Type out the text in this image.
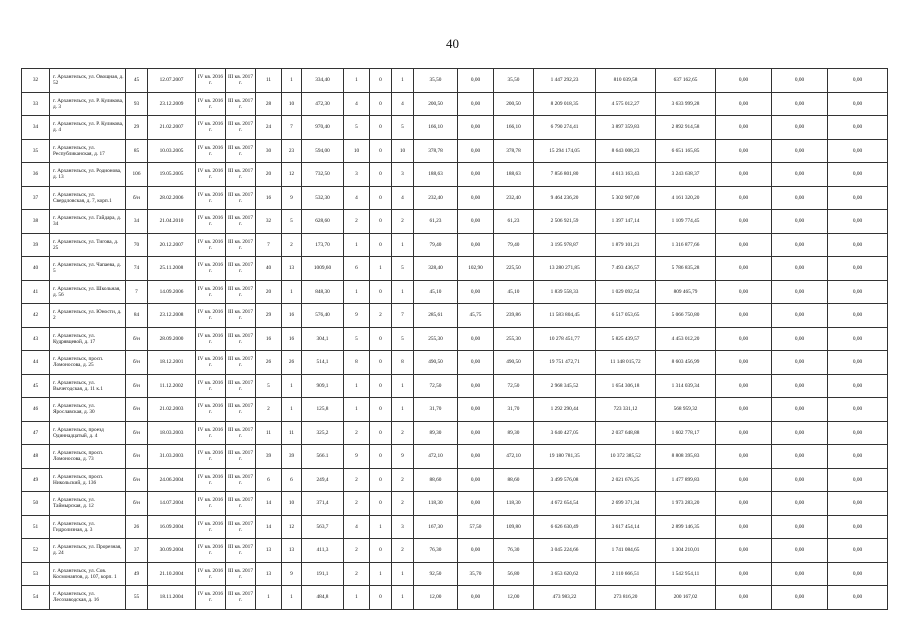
40
32	г. Архангельск, ул. Овощная, д. 52	45	12.07.2007	IV кв. 2016 г.	III кв. 2017 г.	11	1	334,40	1	0	1	35,50	0,00	35,50	1 447 292,23	810 039,58	637 162,65	0,00	0,00	0,00
33	г. Архангельск, ул. Р. Куликова, д. 3	93	23.12.2009	IV кв. 2016 г.	III кв. 2017 г.	28	10	472,30	4	0	4	200,50	0,00	200,50	8 209 018,35	4 575 012,27	3 633 999,28	0,00	0,00	0,00
34	г. Архангельск, ул. Р. Куликова, д. 4	29	21.02.2007	IV кв. 2016 г.	III кв. 2017 г.	24	7	970,40	5	0	5	166,10	0,00	166,10	6 790 274,41	3 897 359,83	2 892 914,58	0,00	0,00	0,00
35	г. Архангельск, ул. Республиканская, д. 17	85	10.03.2005	IV кв. 2016 г.	III кв. 2017 г.	30	23	594,00	10	0	10	378,78	0,00	378,78	15 294 174,05	8 643 008,23	6 651 165,85	0,00	0,00	0,00
36	г. Архангельск, ул. Родионова, д. 13	106	19.05.2005	IV кв. 2016 г.	III кв. 2017 г.	20	12	732,50	3	0	3	188,63	0,00	188,63	7 856 801,80	4 613 163,43	3 243 638,37	0,00	0,00	0,00
37	г. Архангельск, ул. Свердловская, д. 7, корп.1	б/н	28.02.2006	IV кв. 2016 г.	III кв. 2017 г.	16	9	532,30	4	0	4	232,40	0,00	232,40	9 464 236,20	5 302 907,00	4 161 320,20	0,00	0,00	0,00
38	г. Архангельск, ул. Гайдара, д. 34	34	21.04.2010	IV кв. 2016 г.	III кв. 2017 г.	32	5	628,60	2	0	2	61,23	0,00	61,23	2 506 921,59	1 397 147,14	1 109 774,45	0,00	0,00	0,00
39	г. Архангельск, ул. Тигова, д. 25	70	20.12.2007	IV кв. 2016 г.	III кв. 2017 г.	7	2	173,70	1	0	1	79,40	0,00	79,40	3 195 978,87	1 879 101,21	1 316 877,66	0,00	0,00	0,00
40	г. Архангельск, ул. Чапаева, д. 5	74	25.11.2008	IV кв. 2016 г.	III кв. 2017 г.	40	13	1009,60	6	1	5	328,40	102,90	225,50	13 280 271,85	7 493 436,57	5 786 835,28	0,00	0,00	0,00
41	г. Архангельск, ул. Школьная, д. 56	7	14.09.2006	IV кв. 2016 г.	III кв. 2017 г.	20	1	848,30	1	0	1	45,10	0,00	45,10	1 839 558,33	1 029 092,54	809 465,79	0,00	0,00	0,00
42	г. Архангельск, ул. Юности, д. 2	84	23.12.2008	IV кв. 2016 г.	III кв. 2017 г.	29	16	576,40	9	2	7	285,61	45,75	239,86	11 583 804,45	6 517 053,65	5 066 750,80	0,00	0,00	0,00
43	г. Архангельск, ул. Кудрявцевой, д. 17	б/н	28.09.2000	IV кв. 2016 г.	III кв. 2017 г.	16	16	304,1	5	0	5	255,30	0,00	255,30	10 278 451,77	5 825 439,57	4 453 012,20	0,00	0,00	0,00
44	г. Архангельск, просп. Ломоносова, д. 25	б/н	18.12.2001	IV кв. 2016 г.	III кв. 2017 г.	26	26	514,1	8	0	8	490,50	0,00	490,50	19 751 472,71	11 148 015,72	8 603 456,99	0,00	0,00	0,00
45	г. Архангельск, ул. Вычегодская, д. 11 к.1	б/н	11.12.2002	IV кв. 2016 г.	III кв. 2017 г.	5	1	909,1	1	0	1	72,50	0,00	72,50	2 968 345,52	1 654 306,18	1 314 039,34	0,00	0,00	0,00
46	г. Архангельск, ул. Ярославская, д. 30	б/н	21.02.2003	IV кв. 2016 г.	III кв. 2017 г.	2	1	125,8	1	0	1	31,70	0,00	31,70	1 292 290,44	723 331,12	568 959,32	0,00	0,00	0,00
47	г. Архангельск, проезд Одиннадцатый, д. 4	б/н	18.03.2003	IV кв. 2016 г.	III кв. 2017 г.	11	11	325,2	2	0	2	89,30	0,00	89,30	3 640 427,05	2 037 648,88	1 602 778,17	0,00	0,00	0,00
48	г. Архангельск, просп. Ломоносова, д. 73	б/н	31.03.2003	IV кв. 2016 г.	III кв. 2017 г.	39	39	566.1	9	0	9	472,10	0,00	472,10	19 180 781,35	10 372 385,52	8 808 395,83	0,00	0,00	0,00
49	г. Архангельск, просп. Никольский, д. 136	б/н	24.06.2004	IV кв. 2016 г.	III кв. 2017 г.	6	6	249,4	2	0	2	88,60	0,00	88,60	3 499 576,08	2 021 676,25	1 477 899,83	0,00	0,00	0,00
50	г. Архангельск, ул. Таймырская, д. 12	б/н	14.07.2004	IV кв. 2016 г.	III кв. 2017 г.	14	10	371,4	2	0	2	118,30	0,00	118,30	4 672 654,54	2 699 371,34	1 973 283,20	0,00	0,00	0,00
51	г. Архангельск, ул. Гидролизная, д. 3	26	16.09.2004	IV кв. 2016 г.	III кв. 2017 г.	14	12	563,7	4	1	3	167,30	57,50	109,80	6 626 630,49	3 617 454,14	2 899 146,35	0,00	0,00	0,00
52	г. Архангельск, ул. Прорезная, д. 24	37	30.09.2004	IV кв. 2016 г.	III кв. 2017 г.	13	13	411,3	2	0	2	76,30	0,00	76,30	3 045 224,66	1 741 084,65	1 304 210,01	0,00	0,00	0,00
53	г. Архангельск, ул. Сов. Космонавтов, д. 107, корп. 1	49	21.10.2004	IV кв. 2016 г.	III кв. 2017 г.	13	9	191,1	2	1	1	92,50	35,70	56,80	3 653 620,62	2 110 666,51	1 542 954,11	0,00	0,00	0,00
54	г. Архангельск, ул. Лесозаводская, д. 16	55	18.11.2004	IV кв. 2016 г.	III кв. 2017 г.	1	1	484,8	1	0	1	12,00	0,00	12,00	473 983,22	273 816,20	200 167,02	0,00	0,00	0,00
